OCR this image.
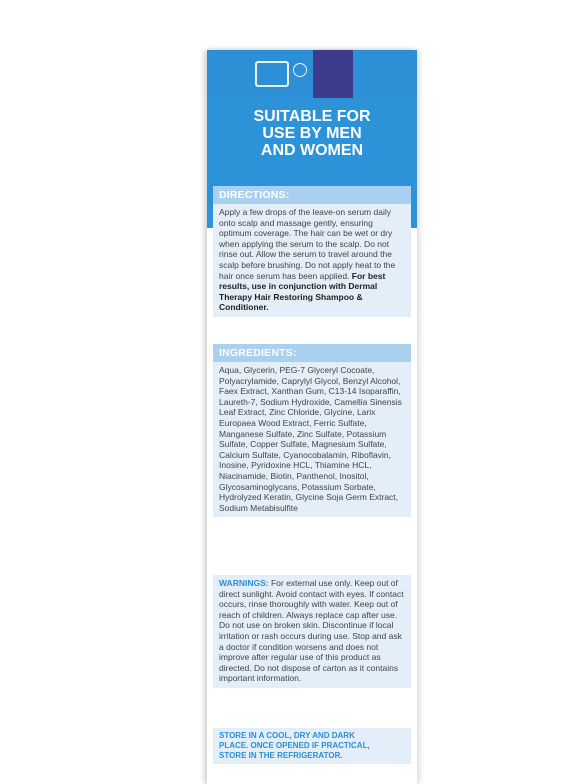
SUITABLE FOR
USE BY MEN
AND WOMEN
DIRECTIONS:
Apply a few drops of the leave-on serum daily onto scalp and massage gently, ensuring optimum coverage. The hair can be wet or dry when applying the serum to the scalp. Do not rinse out. Allow the serum to travel around the scalp before brushing. Do not apply heat to the hair once serum has been applied. For best results, use in conjunction with Dermal Therapy Hair Restoring Shampoo & Conditioner.
INGREDIENTS:
Aqua, Glycerin, PEG-7 Glyceryl Cocoate, Polyacrylamide, Caprylyl Glycol, Benzyl Alcohol, Faex Extract, Xanthan Gum, C13-14 Isoparaffin, Laureth-7, Sodium Hydroxide, Camellia Sinensis Leaf Extract, Zinc Chloride, Glycine, Larix Europaea Wood Extract, Ferric Sulfate, Manganese Sulfate, Zinc Sulfate, Potassium Sulfate, Copper Sulfate, Magnesium Sulfate, Calcium Sulfate, Cyanocobalamin, Riboflavin, Inosine, Pyridoxine HCL, Thiamine HCL, Niacinamide, Biotin, Panthenol, Inositol, Glycosaminoglycans, Potassium Sorbate, Hydrolyzed Keratin, Glycine Soja Germ Extract, Sodium Metabisulfite
WARNINGS: For external use only. Keep out of direct sunlight. Avoid contact with eyes. If contact occurs, rinse thoroughly with water. Keep out of reach of children. Always replace cap after use. Do not use on broken skin. Discontinue if local irritation or rash occurs during use. Stop and ask a doctor if condition worsens and does not improve after regular use of this product as directed. Do not dispose of carton as it contains important information.
STORE IN A COOL, DRY AND DARK
PLACE. ONCE OPENED IF PRACTICAL,
STORE IN THE REFRIGERATOR.
